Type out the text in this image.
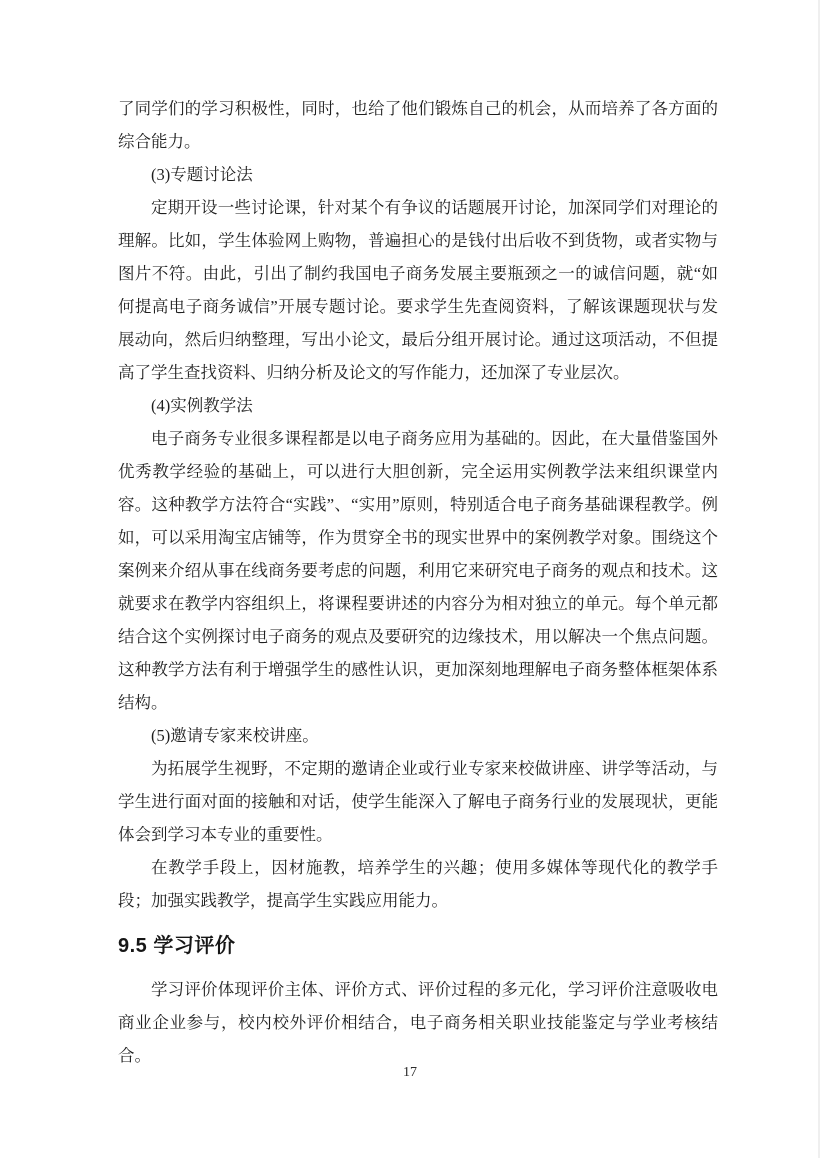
了同学们的学习积极性，同时，也给了他们锻炼自己的机会，从而培养了各方面的综合能力。

(3)专题讨论法

定期开设一些讨论课，针对某个有争议的话题展开讨论，加深同学们对理论的理解。比如，学生体验网上购物，普遍担心的是钱付出后收不到货物，或者实物与图片不符。由此，引出了制约我国电子商务发展主要瓶颈之一的诚信问题，就“如何提高电子商务诚信”开展专题讨论。要求学生先查阅资料，了解该课题现状与发展动向，然后归纳整理，写出小论文，最后分组开展讨论。通过这项活动，不但提高了学生查找资料、归纳分析及论文的写作能力，还加深了专业层次。

(4)实例教学法

电子商务专业很多课程都是以电子商务应用为基础的。因此，在大量借鉴国外优秀教学经验的基础上，可以进行大胆创新，完全运用实例教学法来组织课堂内容。这种教学方法符合“实践”、“实用”原则，特别适合电子商务基础课程教学。例如，可以采用淘宝店铺等，作为贯穿全书的现实世界中的案例教学对象。围绕这个案例来介绍从事在线商务要考虑的问题，利用它来研究电子商务的观点和技术。这就要求在教学内容组织上，将课程要讲述的内容分为相对独立的单元。每个单元都结合这个实例探讨电子商务的观点及要研究的边缘技术，用以解决一个焦点问题。这种教学方法有利于增强学生的感性认识，更加深刻地理解电子商务整体框架体系结构。

(5)邀请专家来校讲座。

为拓展学生视野，不定期的邀请企业或行业专家来校做讲座、讲学等活动，与学生进行面对面的接触和对话，使学生能深入了解电子商务行业的发展现状，更能体会到学习本专业的重要性。

在教学手段上，因材施教，培养学生的兴趣；使用多媒体等现代化的教学手段；加强实践教学，提高学生实践应用能力。

9.5 学习评价

学习评价体现评价主体、评价方式、评价过程的多元化，学习评价注意吸收电商业企业参与，校内校外评价相结合，电子商务相关职业技能鉴定与学业考核结合。

17
